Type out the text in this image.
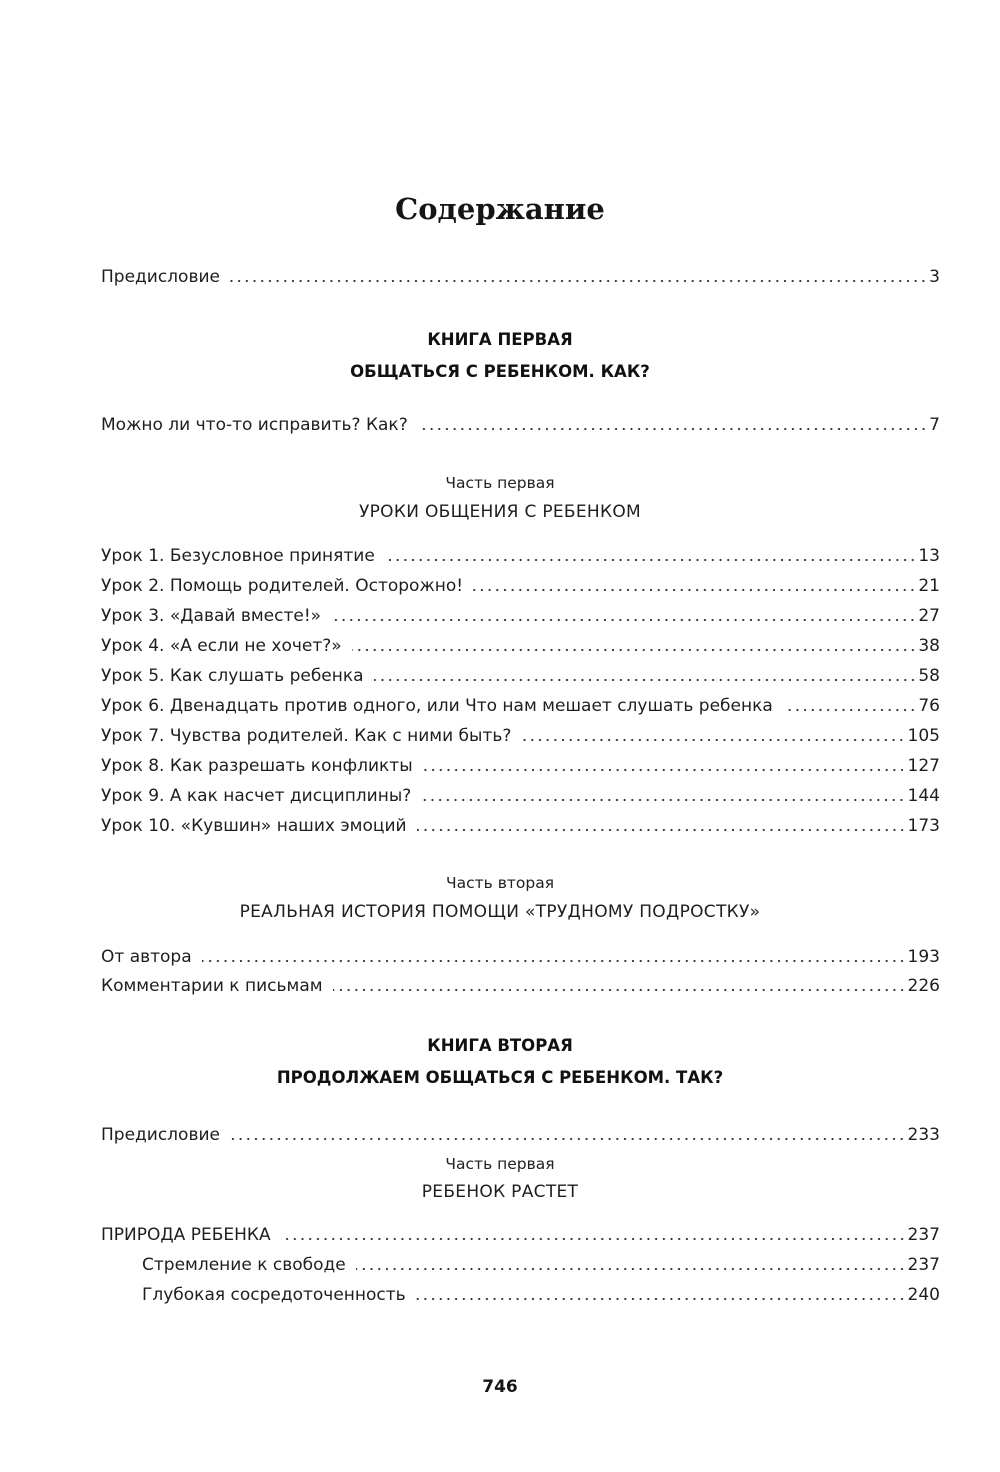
Содержание
Предисловие	3
КНИГА ПЕРВАЯ
ОБЩАТЬСЯ С РЕБЕНКОМ. КАК?
Можно ли что-то исправить? Как?	7
Часть первая
УРОКИ ОБЩЕНИЯ С РЕБЕНКОМ
Урок 1. Безусловное принятие	13
Урок 2. Помощь родителей. Осторожно!	21
Урок 3. «Давай вместе!»	27
Урок 4. «А если не хочет?»	38
Урок 5. Как слушать ребенка	58
Урок 6. Двенадцать против одного, или Что нам мешает слушать ребенка	76
Урок 7. Чувства родителей. Как с ними быть?	105
Урок 8. Как разрешать конфликты	127
Урок 9. А как насчет дисциплины?	144
Урок 10. «Кувшин» наших эмоций	173
Часть вторая
РЕАЛЬНАЯ ИСТОРИЯ ПОМОЩИ «ТРУДНОМУ ПОДРОСТКУ»
От автора	193
Комментарии к письмам	226
КНИГА ВТОРАЯ
ПРОДОЛЖАЕМ ОБЩАТЬСЯ С РЕБЕНКОМ. ТАК?
Предисловие	233
Часть первая
РЕБЕНОК РАСТЕТ
ПРИРОДА РЕБЕНКА	237
Стремление к свободе	237
Глубокая сосредоточенность	240
746
